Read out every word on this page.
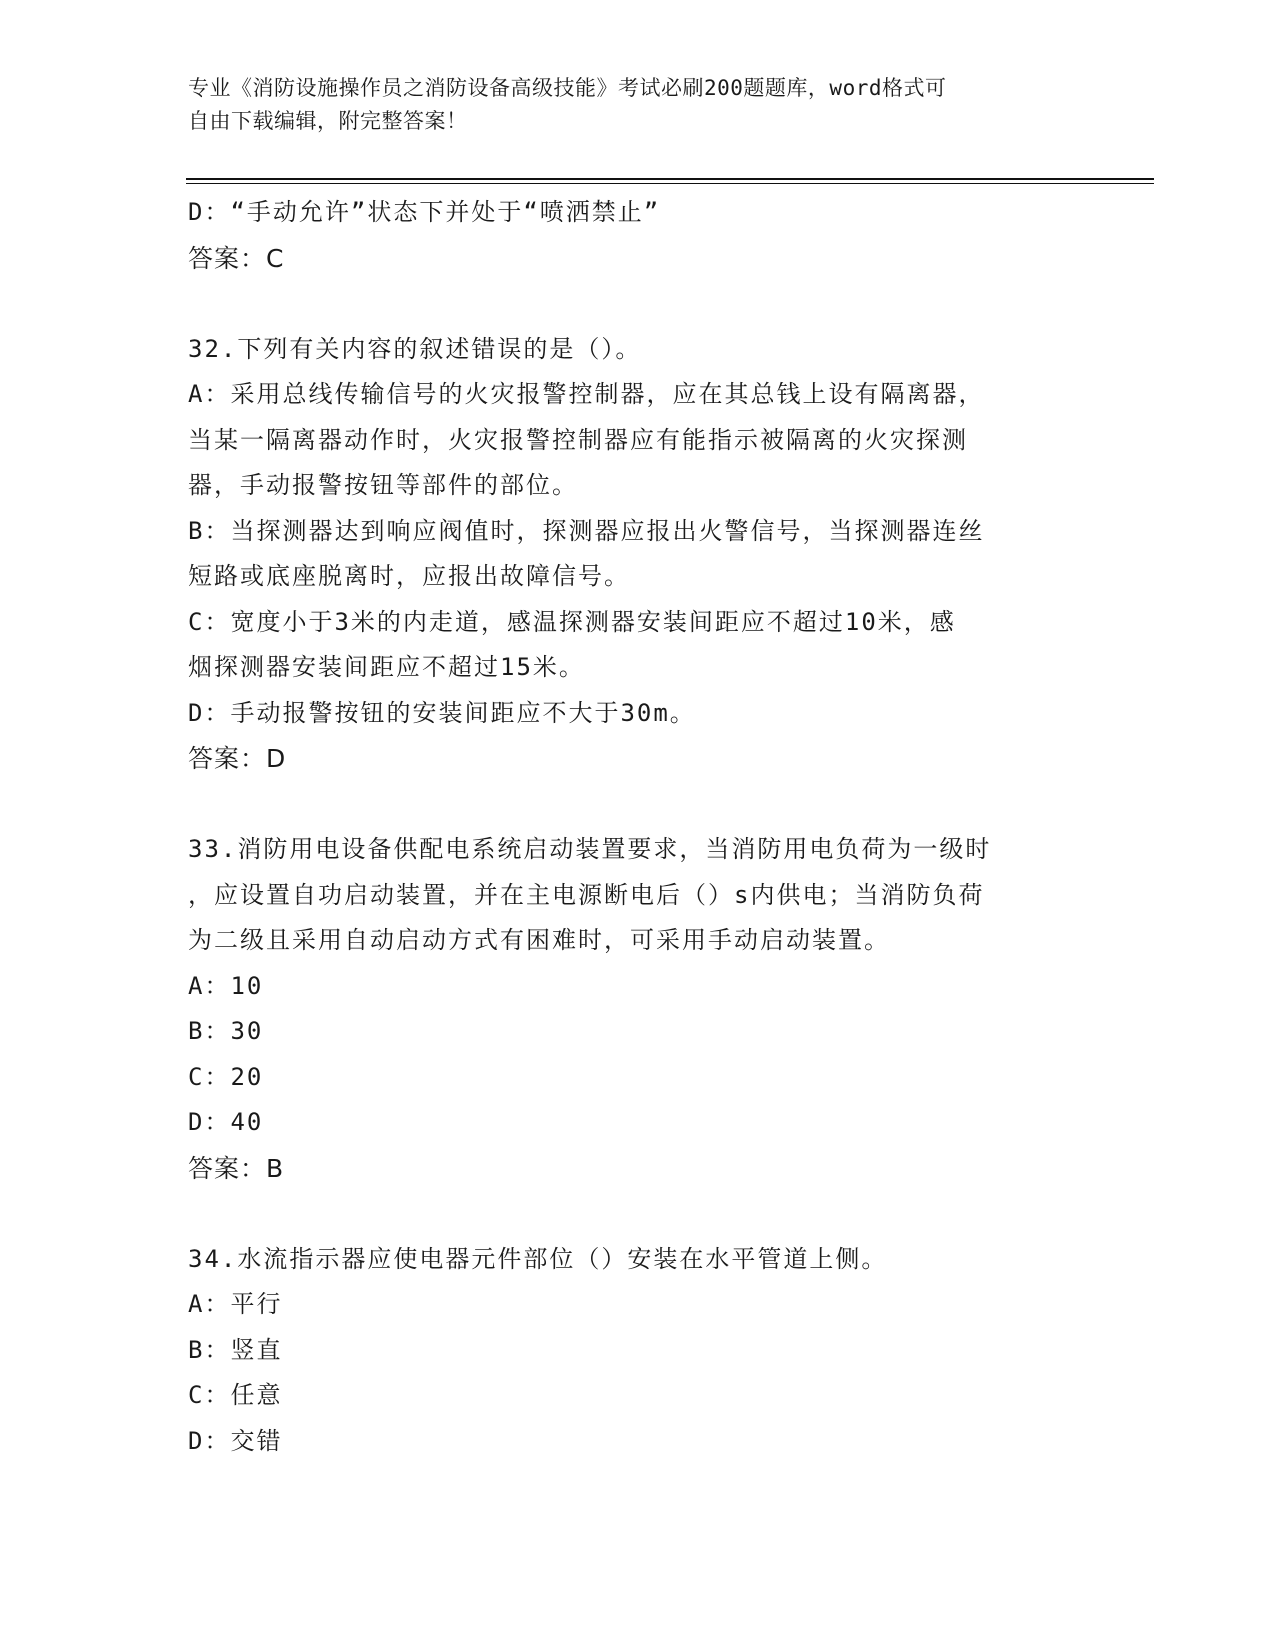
专业《消防设施操作员之消防设备高级技能》考试必刷200题题库，word格式可
自由下载编辑，附完整答案！
D：“手动允许”状态下并处于“喷洒禁止”
答案：C
32.下列有关内容的叙述错误的是（）。
A：采用总线传输信号的火灾报警控制器，应在其总钱上设有隔离器，
当某一隔离器动作时，火灾报警控制器应有能指示被隔离的火灾探测
器，手动报警按钮等部件的部位。
B：当探测器达到响应阀值时，探测器应报出火警信号，当探测器连丝
短路或底座脱离时，应报出故障信号。
C：宽度小于3米的内走道，感温探测器安装间距应不超过10米，感
烟探测器安装间距应不超过15米。
D：手动报警按钮的安装间距应不大于30m。
答案：D
33.消防用电设备供配电系统启动装置要求，当消防用电负荷为一级时
，应设置自功启动装置，并在主电源断电后（）s内供电；当消防负荷
为二级且采用自动启动方式有困难时，可采用手动启动装置。
A：10
B：30
C：20
D：40
答案：B
34.水流指示器应使电器元件部位（）安装在水平管道上侧。
A：平行
B：竖直
C：任意
D：交错
